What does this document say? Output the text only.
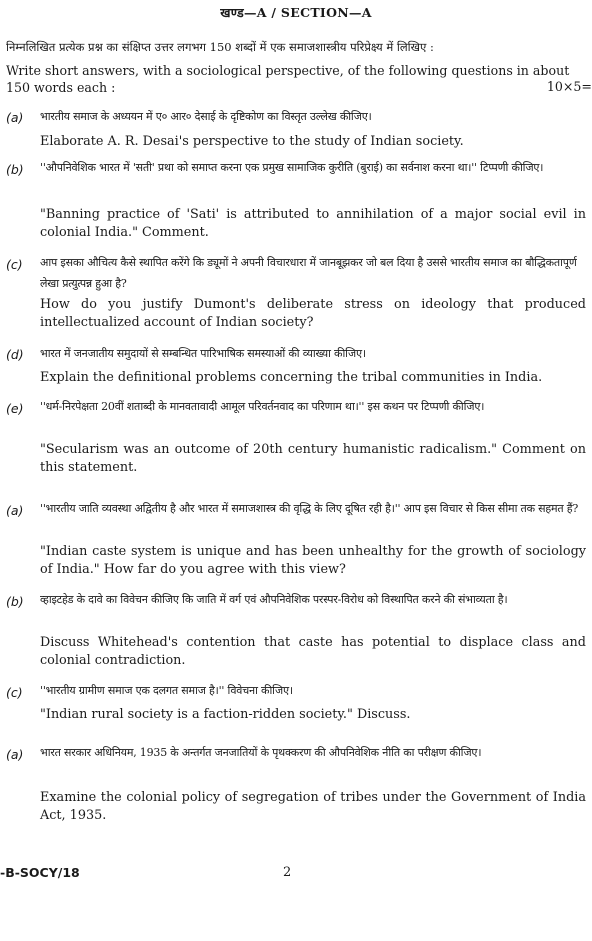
खण्ड—A / SECTION—A
निम्नलिखित प्रत्येक प्रश्न का संक्षिप्त उत्तर लगभग 150 शब्दों में एक समाजशास्त्रीय परिप्रेक्ष्य में लिखिए :
Write short answers, with a sociological perspective, of the following questions in about 150 words each :	10×5=
(a) भारतीय समाज के अध्ययन में ए० आर० देसाई के दृष्टिकोण का विस्तृत उल्लेख कीजिए।
Elaborate A. R. Desai's perspective to the study of Indian society.
(b) ''औपनिवेशिक भारत में 'सती' प्रथा को समाप्त करना एक प्रमुख सामाजिक कुरीति (बुराई) का सर्वनाश करना था।'' टिप्पणी कीजिए।
"Banning practice of 'Sati' is attributed to annihilation of a major social evil in colonial India." Comment.
(c) आप इसका औचित्य कैसे स्थापित करेंगे कि ड्यूमों ने अपनी विचारधारा में जानबूझकर जो बल दिया है उससे भारतीय समाज का बौद्धिकतापूर्ण लेखा प्रत्युत्पन्न हुआ है?
How do you justify Dumont's deliberate stress on ideology that produced intellectualized account of Indian society?
(d) भारत में जनजातीय समुदायों से सम्बन्धित पारिभाषिक समस्याओं की व्याख्या कीजिए।
Explain the definitional problems concerning the tribal communities in India.
(e) ''धर्म-निरपेक्षता 20वीं शताब्दी के मानवतावादी आमूल परिवर्तनवाद का परिणाम था।'' इस कथन पर टिप्पणी कीजिए।
"Secularism was an outcome of 20th century humanistic radicalism." Comment on this statement.
(a) ''भारतीय जाति व्यवस्था अद्वितीय है और भारत में समाजशास्त्र की वृद्धि के लिए दूषित रही है।'' आप इस विचार से किस सीमा तक सहमत हैं?
"Indian caste system is unique and has been unhealthy for the growth of sociology of India." How far do you agree with this view?
(b) व्हाइटहेड के दावे का विवेचन कीजिए कि जाति में वर्ग एवं औपनिवेशिक परस्पर-विरोध को विस्थापित करने की संभाव्यता है।
Discuss Whitehead's contention that caste has potential to displace class and colonial contradiction.
(c) ''भारतीय ग्रामीण समाज एक दलगत समाज है।'' विवेचना कीजिए।
"Indian rural society is a faction-ridden society." Discuss.
(a) भारत सरकार अधिनियम, 1935 के अन्तर्गत जनजातियों के पृथक्करण की औपनिवेशिक नीति का परीक्षण कीजिए।
Examine the colonial policy of segregation of tribes under the Government of India Act, 1935.
-B-SOCY/18	2
